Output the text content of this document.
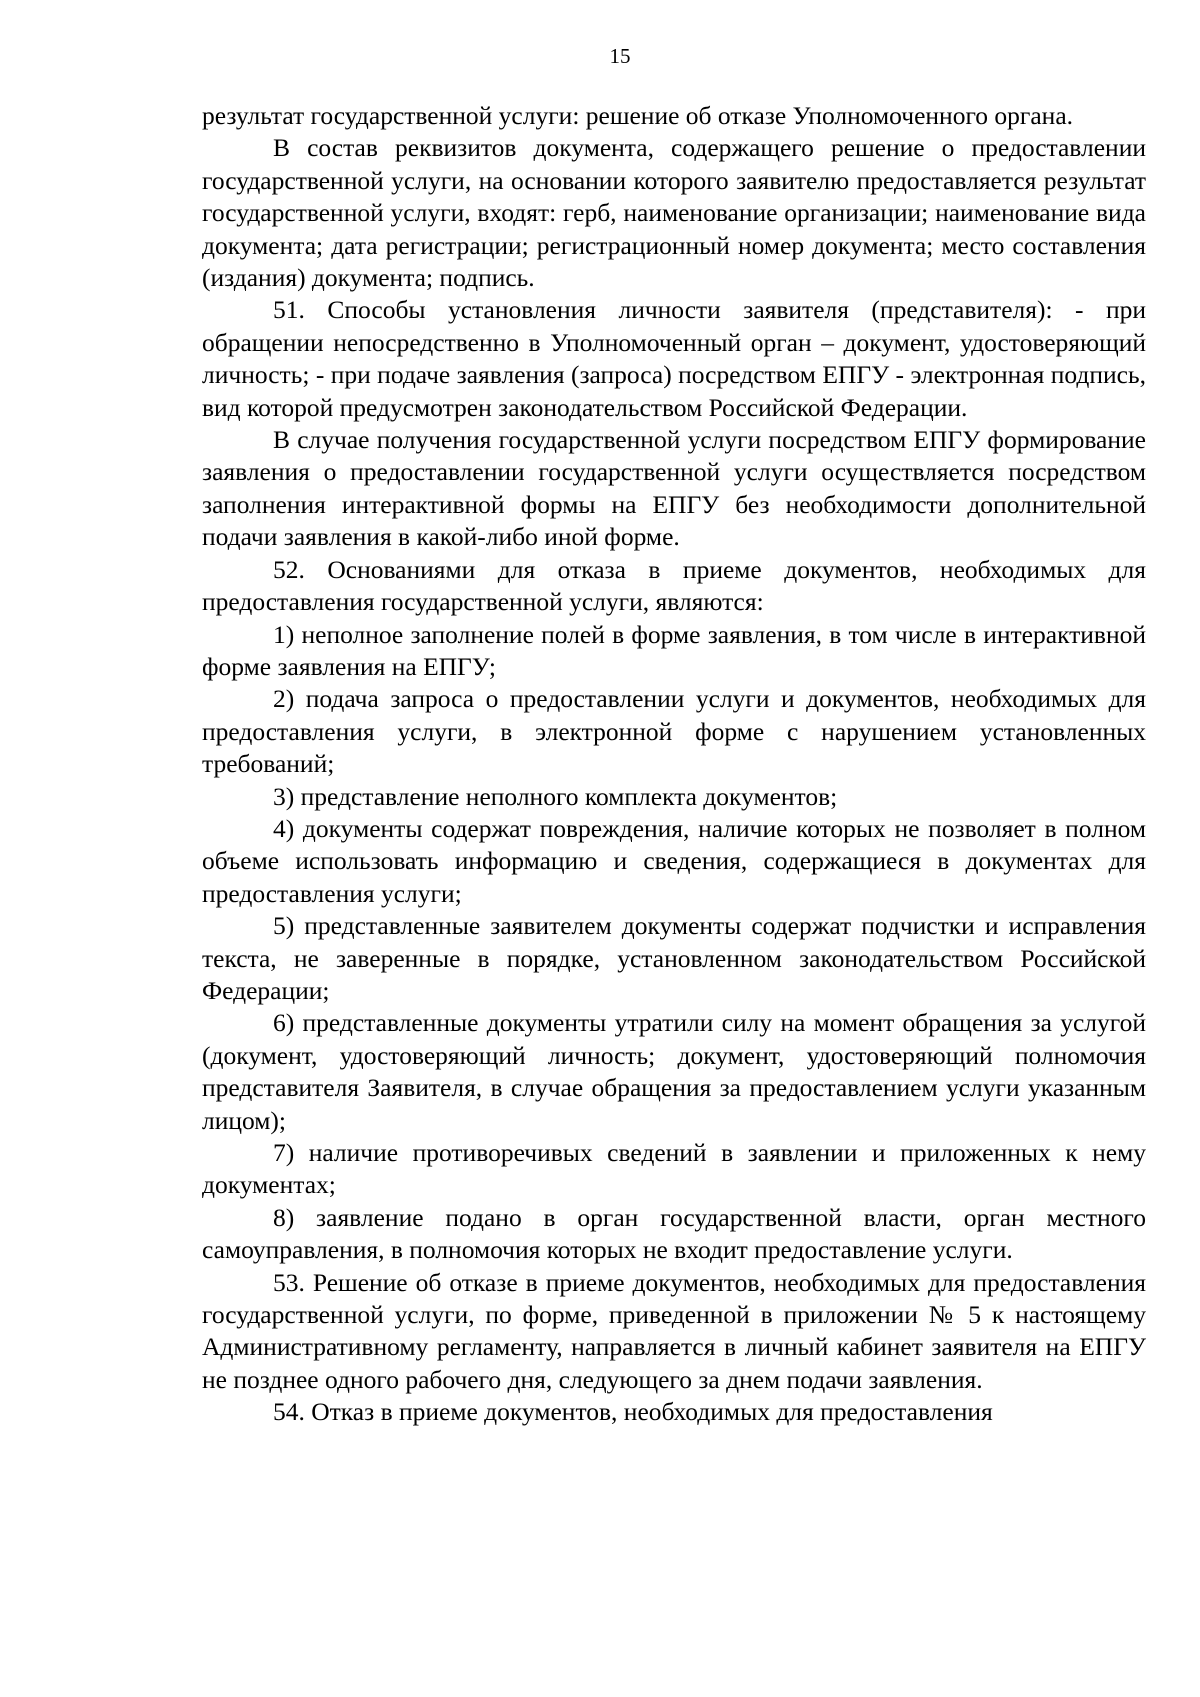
15

результат государственной услуги: решение об отказе Уполномоченного органа.

В состав реквизитов документа, содержащего решение о предоставлении государственной услуги, на основании которого заявителю предоставляется результат государственной услуги, входят: герб, наименование организации; наименование вида документа; дата регистрации; регистрационный номер документа; место составления (издания) документа; подпись.

51. Способы установления личности заявителя (представителя): - при обращении непосредственно в Уполномоченный орган – документ, удостоверяющий личность; - при подаче заявления (запроса) посредством ЕПГУ - электронная подпись, вид которой предусмотрен законодательством Российской Федерации.

В случае получения государственной услуги посредством ЕПГУ формирование заявления о предоставлении государственной услуги осуществляется посредством заполнения интерактивной формы на ЕПГУ без необходимости дополнительной подачи заявления в какой-либо иной форме.

52. Основаниями для отказа в приеме документов, необходимых для предоставления государственной услуги, являются:

1) неполное заполнение полей в форме заявления, в том числе в интерактивной форме заявления на ЕПГУ;

2) подача запроса о предоставлении услуги и документов, необходимых для предоставления услуги, в электронной форме с нарушением установленных требований;

3) представление неполного комплекта документов;

4) документы содержат повреждения, наличие которых не позволяет в полном объеме использовать информацию и сведения, содержащиеся в документах для предоставления услуги;

5) представленные заявителем документы содержат подчистки и исправления текста, не заверенные в порядке, установленном законодательством Российской Федерации;

6) представленные документы утратили силу на момент обращения за услугой (документ, удостоверяющий личность; документ, удостоверяющий полномочия представителя Заявителя, в случае обращения за предоставлением услуги указанным лицом);

7) наличие противоречивых сведений в заявлении и приложенных к нему документах;

8) заявление подано в орган государственной власти, орган местного самоуправления, в полномочия которых не входит предоставление услуги.

53. Решение об отказе в приеме документов, необходимых для предоставления государственной услуги, по форме, приведенной в приложении № 5 к настоящему Административному регламенту, направляется в личный кабинет заявителя на ЕПГУ не позднее одного рабочего дня, следующего за днем подачи заявления.

54. Отказ в приеме документов, необходимых для предоставления
